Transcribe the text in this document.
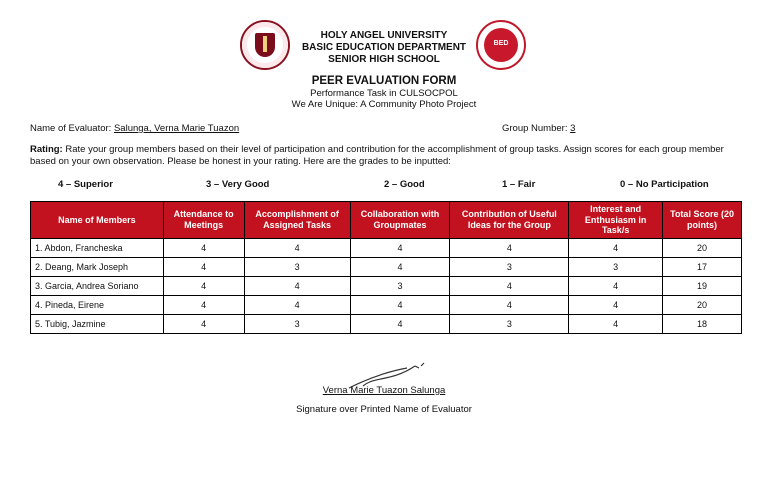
BED
HOLY ANGEL UNIVERSITY
BASIC EDUCATION DEPARTMENT
SENIOR HIGH SCHOOL
PEER EVALUATION FORM
Performance Task in CULSOCPOL
We Are Unique: A Community Photo Project
Name of Evaluator: Salunga, Verna Marie Tuazon	Group Number: 3
Rating: Rate your group members based on their level of participation and contribution for the accomplishment of group tasks. Assign scores for each group member based on your own observation. Please be honest in your rating. Here are the grades to be inputted:
4 – Superior	3 – Very Good	2 – Good	1 – Fair	0 – No Participation
Name of Members	Attendance to Meetings	Accomplishment of Assigned Tasks	Collaboration with Groupmates	Contribution of Useful Ideas for the Group	Interest and Enthusiasm in Task/s	Total Score (20 points)
1. Abdon, Francheska	4	4	4	4	4	20
2. Deang, Mark Joseph	4	3	4	3	3	17
3. Garcia, Andrea Soriano	4	4	3	4	4	19
4. Pineda, Eirene	4	4	4	4	4	20
5. Tubig, Jazmine	4	3	4	3	4	18
Verna Marie Tuazon Salunga
Signature over Printed Name of Evaluator
